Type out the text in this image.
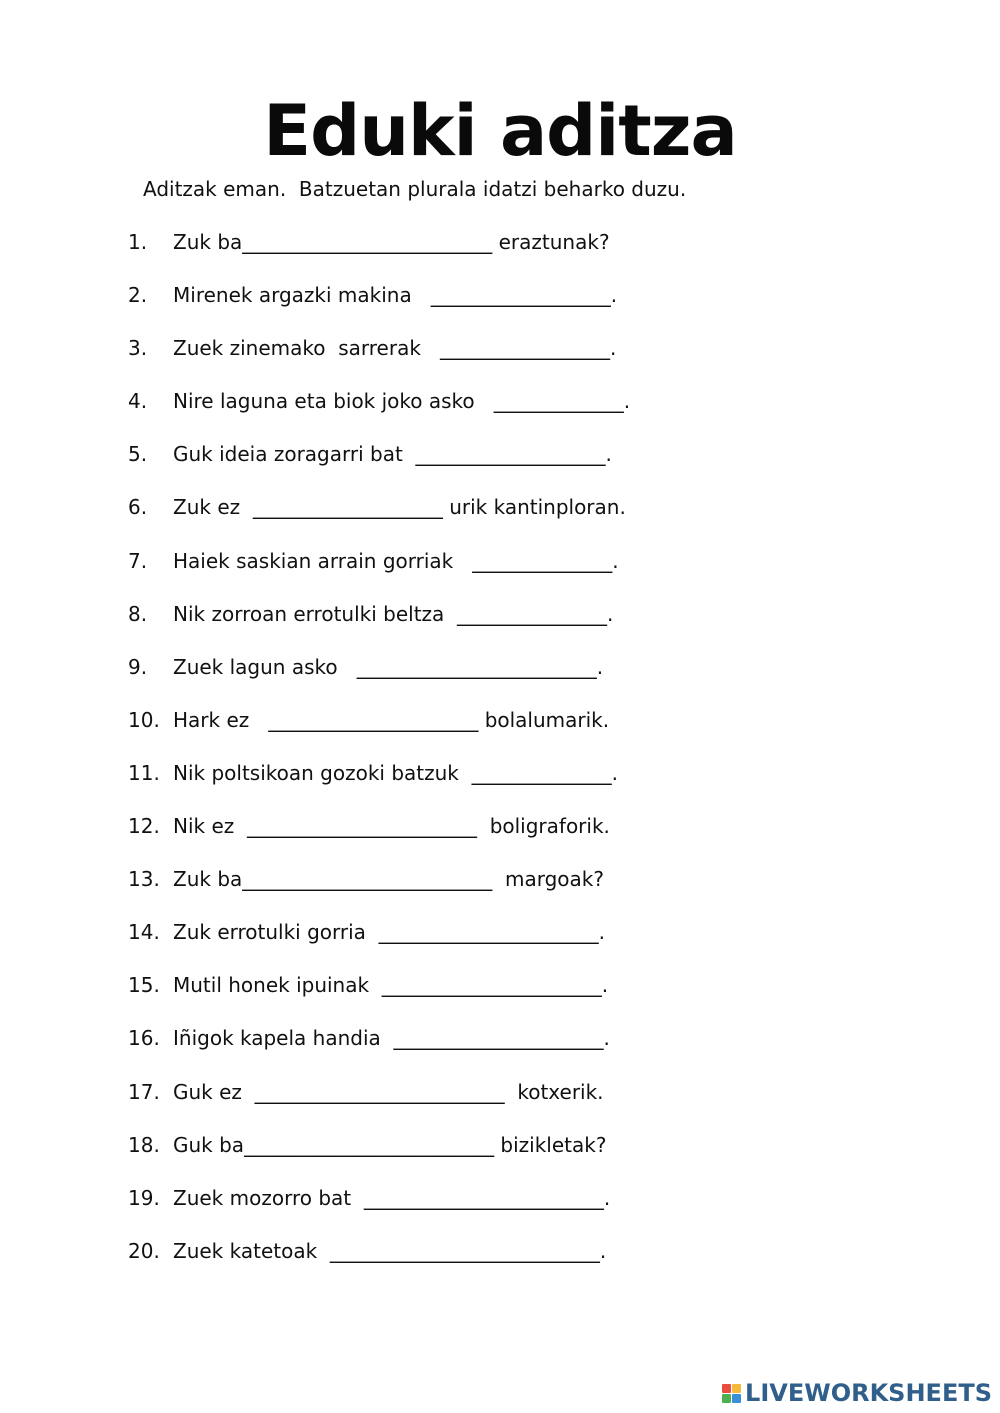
Eduki aditza
Aditzak eman.  Batzuetan plurala idatzi beharko duzu.

1.

Zuk ba_________________________ eraztunak?

2.

Mirenek argazki makina   __________________.

3.

Zuek zinemako  sarrerak   _________________.

4.

Nire laguna eta biok joko asko   _____________.

5.

Guk ideia zoragarri bat  ___________________.

6.

Zuk ez  ___________________ urik kantinploran.

7.

Haiek saskian arrain gorriak   ______________.

8.

Nik zorroan errotulki beltza  _______________.

9.

Zuek lagun asko   ________________________.

10.

Hark ez   _____________________ bolalumarik.

11.

Nik poltsikoan gozoki batzuk  ______________.

12.

Nik ez  _______________________  boligraforik.

13.

Zuk ba_________________________  margoak?

14.

Zuk errotulki gorria  ______________________.

15.

Mutil honek ipuinak  ______________________.

16.

Iñigok kapela handia  _____________________.

17.

Guk ez  _________________________  kotxerik.

18.

Guk ba_________________________ bizikletak?

19.

Zuek mozorro bat  ________________________.

20.

Zuek katetoak  ___________________________.

LIVEWORKSHEETS
